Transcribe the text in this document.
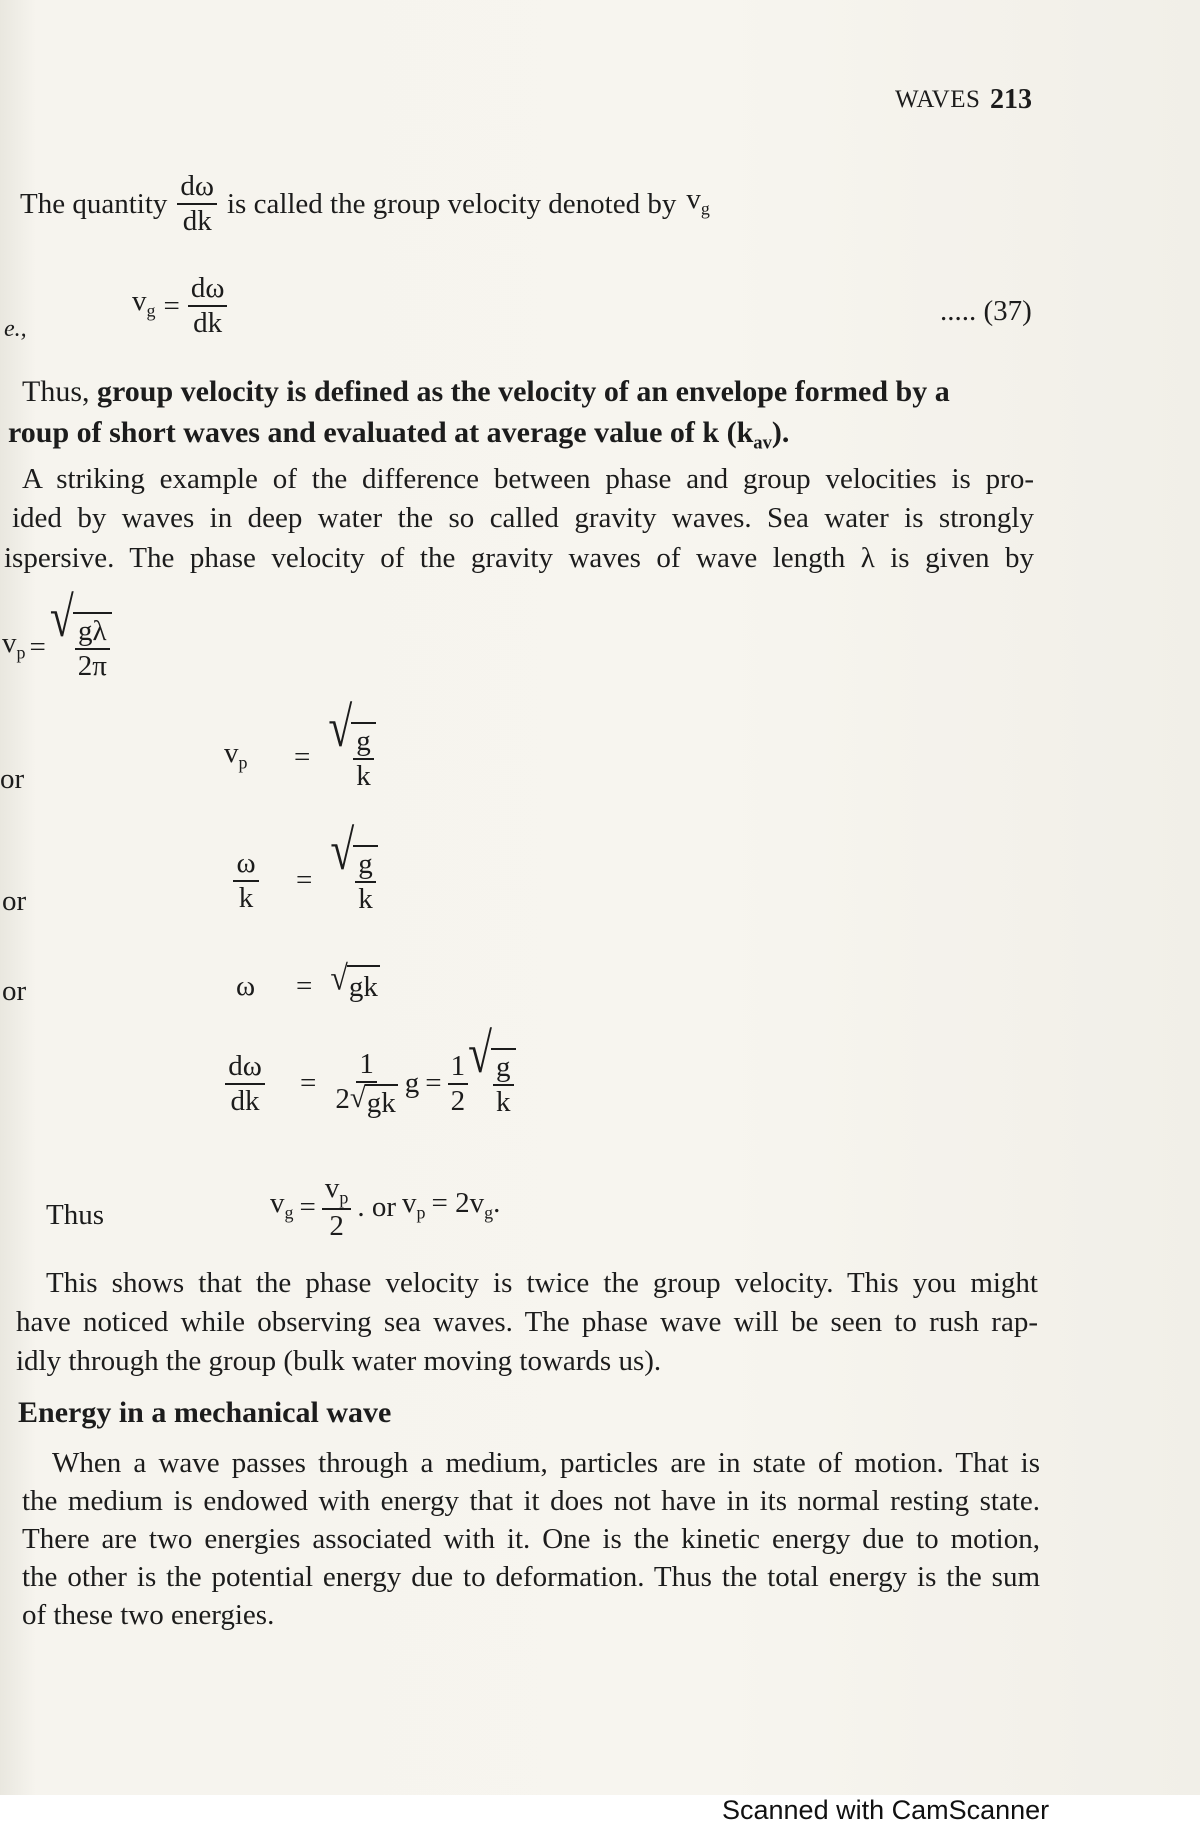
WAVES 213
The quantity $\frac{d\omega}{dk}$ is called the group velocity denoted by $v_g$
e.,
$v_g = \frac{d\omega}{dk}$	..... (37)
Thus, group velocity is defined as the velocity of an envelope formed by a
roup of short waves and evaluated at average value of k $(k_{av})$.
A striking example of the difference between phase and group velocities is pro-
ided by waves in deep water the so called gravity waves. Sea water is strongly
ispersive. The phase velocity of the gravity waves of wave length λ is given by
$v_p$ = √ $\frac{g\lambda}{2\pi}$
or
$v_p$	= √ $\frac{g}{k}$
or	$\frac{\omega}{k}$ = √ $\frac{g}{k}$
or	ω	= √ gk
$\frac{d\omega}{dk} = \frac{1}{2 √ gk}$ $g = \frac{1}{2}$ √ $\frac{g}{k}$
Thus	$v_g = \frac{v_p}{2}$ . or $v_p = 2v_g$.
This shows that the phase velocity is twice the group velocity. This you might
have noticed while observing sea waves. The phase wave will be seen to rush rap-
idly through the group (bulk water moving towards us).
Energy in a mechanical wave
When a wave passes through a medium, particles are in state of motion. That is
the medium is endowed with energy that it does not have in its normal resting state.
There are two energies associated with it. One is the kinetic energy due to motion,
the other is the potential energy due to deformation. Thus the total energy is the sum
of these two energies.
Scanned with CamScanner
